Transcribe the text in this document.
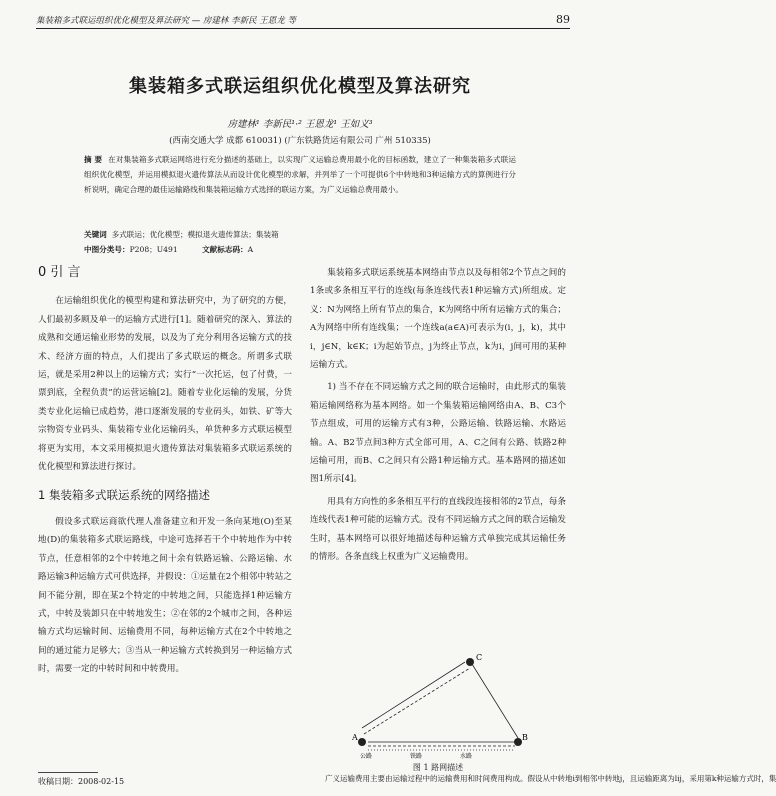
集装箱多式联运组织优化模型及算法研究 — 房建林 李新民 王恩龙 等	89
集装箱多式联运组织优化模型及算法研究
房建林¹ 李新民¹·² 王恩龙¹ 王如义³
(西南交通大学 成都 610031) (广东铁路货运有限公司 广州 510335)
摘 要 在对集装箱多式联运网络进行充分描述的基础上，以实现广义运输总费用最小化的目标函数，建立了一种集装箱多式联运组织优化模型，并运用模拟退火遗传算法从而设计优化模型的求解，并列举了一个可提供6个中转地和3种运输方式的算例进行分析说明，确定合理的最佳运输路线和集装箱运输方式选择的联运方案，为广义运输总费用最小。
关键词 多式联运；优化模型；模拟退火遗传算法；集装箱
中图分类号：P208；U491	文献标志码：A
0 引 言

在运输组织优化的模型构建和算法研究中，为了研究的方便，人们最初多顾及单一的运输方式进行[1]。随着研究的深入、算法的成熟和交通运输业形势的发展，以及为了充分利用各运输方式的技术、经济方面的特点，人们提出了多式联运的概念。所谓多式联运，就是采用2种以上的运输方式；实行“一次托运，包了付费，一票到底，全程负责”的运营运输[2]。随着专业化运输的发展，分货类专业化运输已成趋势，港口逐渐发展的专业码头，如铁、矿等大宗物资专业码头、集装箱专业化运输码头，单货种多方式联运模型将更为实用，本文采用模拟退火遗传算法对集装箱多式联运系统的优化模型和算法进行探讨。

1 集装箱多式联运系统的网络描述

假设多式联运商欲代理人准备建立和开发一条向某地(O)至某地(D)的集装箱多式联运路线，中途可选择若干个中转地作为中转节点，任意相邻的2个中转地之间十余有铁路运输、公路运输、水路运输3种运输方式可供选择，并假设：①运量在2个相邻中转站之间不能分割，即在某2个特定的中转地之间，只能选择1种运输方式，中转及装卸只在中转地发生；②在邻的2个城市之间，各种运输方式均运输时间、运输费用不同，每种运输方式在2个中转地之间的通过能力足够大；③当从一种运输方式转换到另一种运输方式时，需要一定的中转时间和中转费用。

集装箱多式联运系统基本网络由节点以及每相邻2个节点之间的1条或多条相互平行的连线(每条连线代表1种运输方式)所组成。定义：N为网络上所有节点的集合，K为网络中所有运输方式的集合；A为网络中所有连线集；一个连线a(a∈A)可表示为(i，j，k)，其中i，j∈N，k∈K；i为起始节点，j为终止节点，k为i，j间可用的某种运输方式。

1) 当不存在不同运输方式之间的联合运输时，由此形式的集装箱运输网络称为基本网络。如一个集装箱运输网络由A、B、C3个节点组成，可用的运输方式有3种，公路运输、铁路运输、水路运输。A、B2节点间3种方式全部可用，A、C之间有公路、铁路2种运输可用，而B、C之间只有公路1种运输方式。基本路网的描述如图1所示[4]。

用具有方向性的多条相互平行的直线段连接相邻的2节点，每条连线代表1种可能的运输方式。没有不同运输方式之间的联合运输发生时，基本网络可以很好地描述每种运输方式单独完成其运输任务的情形。各条直线上权重为广义运输费用。

A	B
C
公路	铁路	水路
图 1 路网描述

广义运输费用主要由运输过程中的运输费用和时间费用构成。假设从中转地i到相邻中转地j，且运输距离为lij，采用第k种运输方式时，集

收稿日期：2008-02-15
